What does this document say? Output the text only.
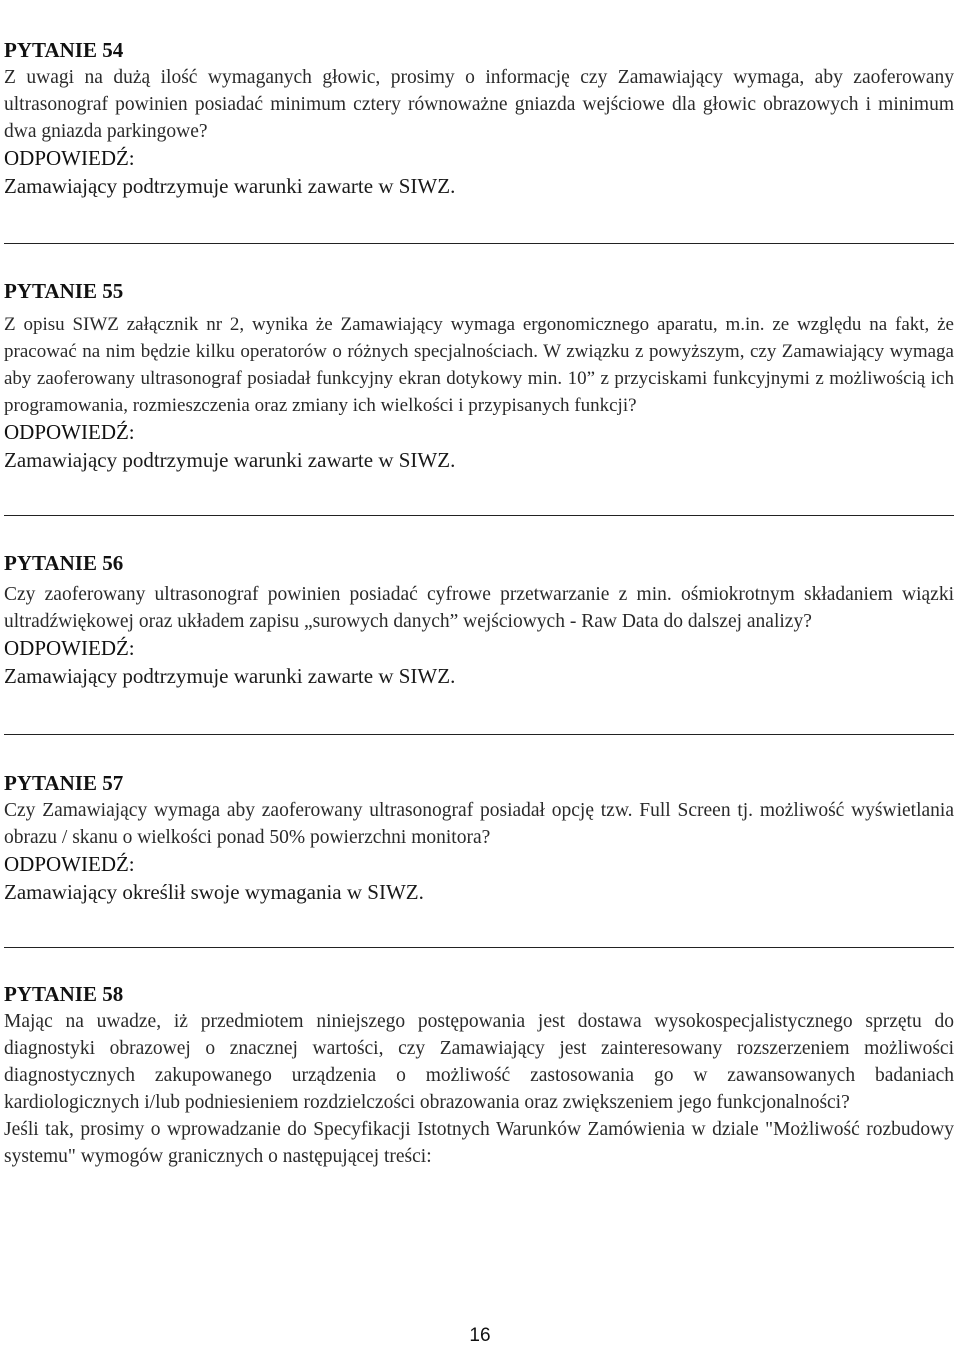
PYTANIE 54

Z uwagi na dużą ilość wymaganych głowic, prosimy o informację czy Zamawiający wymaga, aby zaoferowany ultrasonograf powinien posiadać minimum cztery równoważne gniazda wejściowe dla głowic obrazowych i minimum dwa gniazda parkingowe?

ODPOWIEDŹ:

Zamawiający podtrzymuje warunki zawarte w SIWZ.

PYTANIE 55

Z opisu SIWZ załącznik nr 2, wynika że Zamawiający wymaga ergonomicznego aparatu, m.in. ze względu na fakt, że pracować na nim będzie kilku operatorów o różnych specjalnościach. W związku z powyższym, czy Zamawiający wymaga aby zaoferowany ultrasonograf posiadał funkcyjny ekran dotykowy min. 10” z przyciskami funkcyjnymi z możliwością ich programowania, rozmieszczenia oraz zmiany ich wielkości i przypisanych funkcji?

ODPOWIEDŹ:

Zamawiający podtrzymuje warunki zawarte w SIWZ.

PYTANIE 56

Czy zaoferowany ultrasonograf powinien posiadać cyfrowe przetwarzanie z min. ośmiokrotnym składaniem wiązki ultradźwiękowej oraz układem zapisu „surowych danych” wejściowych - Raw Data do dalszej analizy?

ODPOWIEDŹ:

Zamawiający podtrzymuje warunki zawarte w SIWZ.

PYTANIE 57

Czy Zamawiający wymaga aby zaoferowany ultrasonograf posiadał opcję tzw. Full Screen tj. możliwość wyświetlania obrazu / skanu o wielkości ponad 50% powierzchni monitora?

ODPOWIEDŹ:

Zamawiający określił swoje wymagania w SIWZ.

PYTANIE 58

Mając na uwadze, iż przedmiotem niniejszego postępowania jest dostawa wysokospecjalistycznego sprzętu do diagnostyki obrazowej o znacznej wartości, czy Zamawiający jest zainteresowany rozszerzeniem możliwości diagnostycznych zakupowanego urządzenia o możliwość zastosowania go w zawansowanych badaniach kardiologicznych i/lub podniesieniem rozdzielczości obrazowania oraz zwiększeniem jego funkcjonalności?

Jeśli tak, prosimy o wprowadzanie do Specyfikacji Istotnych Warunków Zamówienia w dziale "Możliwość rozbudowy systemu" wymogów granicznych o następującej treści:

16
